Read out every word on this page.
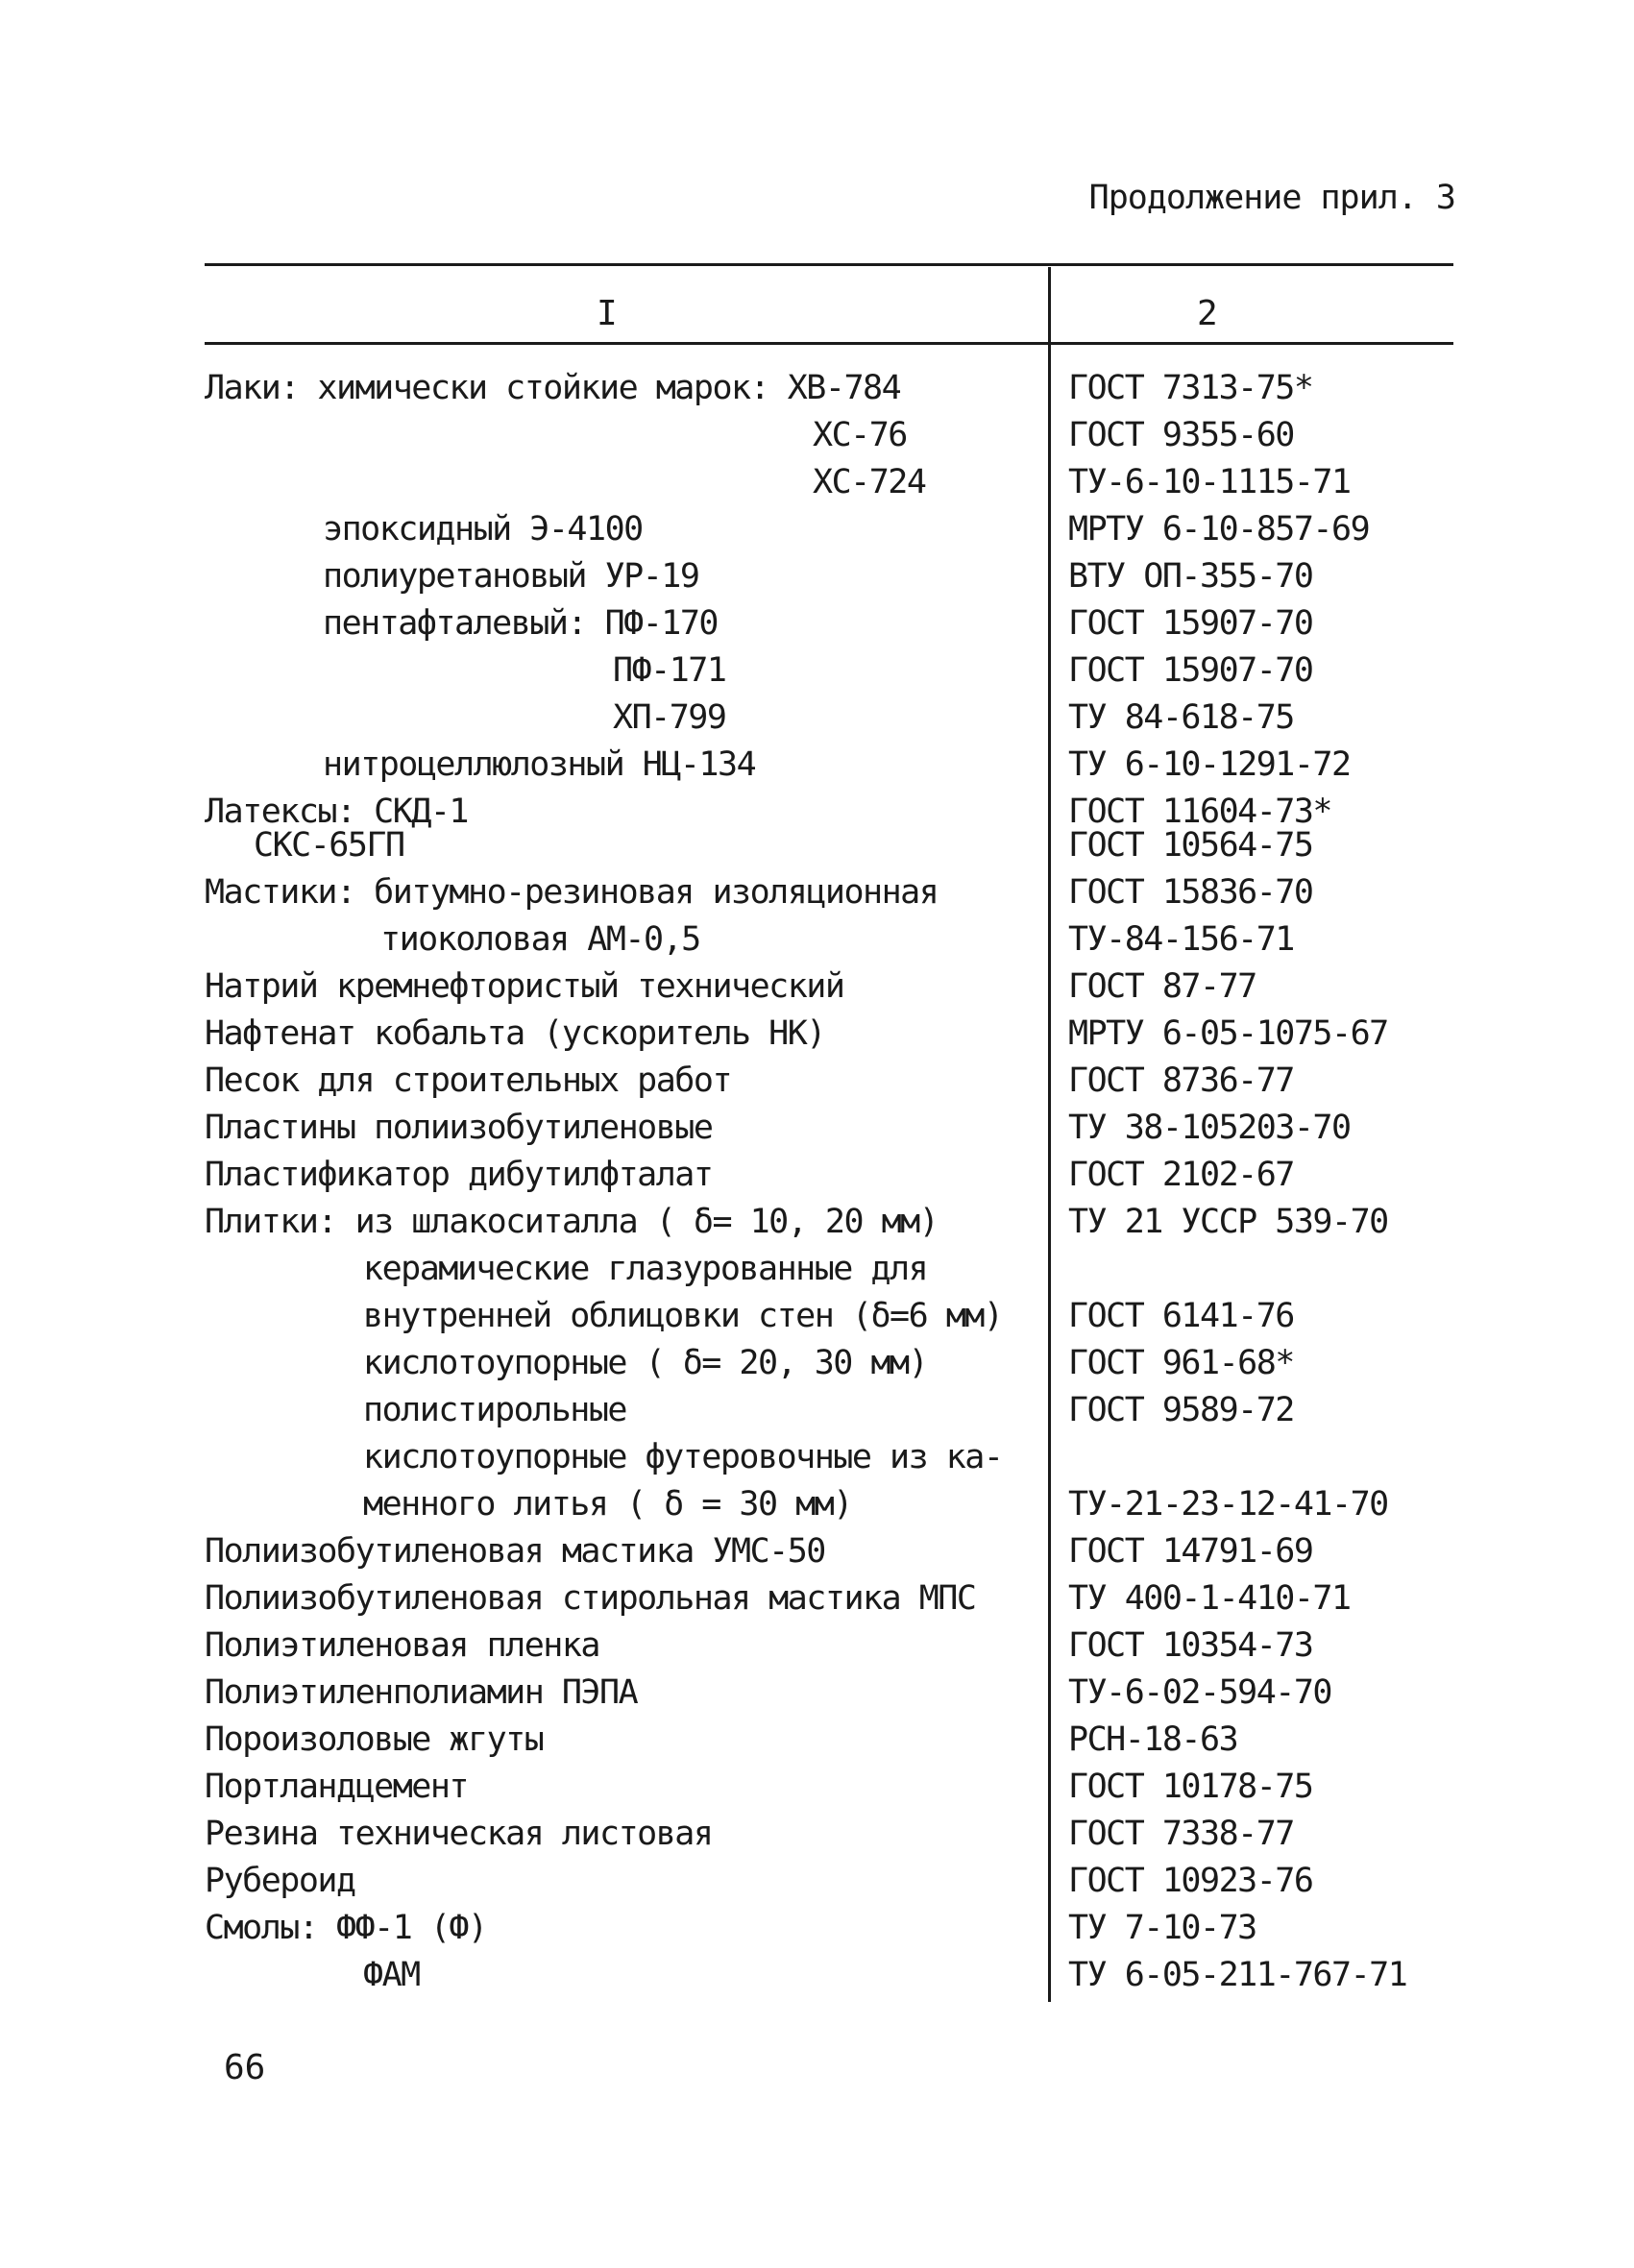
Продолжение прил. 3
I	2
Лаки: химически стойкие марок: ХВ-784	ГОСТ 7313-75*
ХС-76	ГОСТ 9355-60
ХС-724	ТУ-6-10-1115-71
эпоксидный Э-4100	МРТУ 6-10-857-69
полиуретановый УР-19	ВТУ ОП-355-70
пентафталевый: ПФ-170	ГОСТ 15907-70
ПФ-171	ГОСТ 15907-70
ХП-799	ТУ 84-618-75
нитроцеллюлозный НЦ-134	ТУ 6-10-1291-72
Латексы: СКД-1	ГОСТ 11604-73*
СКС-65ГП	ГОСТ 10564-75
Мастики: битумно-резиновая изоляционная	ГОСТ 15836-70
тиоколовая АМ-0,5	ТУ-84-156-71
Натрий кремнефтористый технический	ГОСТ 87-77
Нафтенат кобальта (ускоритель НК)	МРТУ 6-05-1075-67
Песок для строительных работ	ГОСТ 8736-77
Пластины полиизобутиленовые	ТУ 38-105203-70
Пластификатор дибутилфталат	ГОСТ 2102-67
Плитки: из шлакоситалла ( δ= 10, 20 мм)	ТУ 21 УССР 539-70
керамические глазурованные для
внутренней облицовки стен (δ=6 мм) ГОСТ 6141-76
кислотоупорные ( δ= 20, 30 мм)	ГОСТ 961-68*
полистирольные	ГОСТ 9589-72
кислотоупорные футеровочные из ка-
менного литья ( δ = 30 мм)	ТУ-21-23-12-41-70
Полиизобутиленовая мастика УМС-50	ГОСТ 14791-69
Полиизобутиленовая стирольная мастика МПС	ТУ 400-1-410-71
Полиэтиленовая пленка	ГОСТ 10354-73
Полиэтиленполиамин ПЭПА	ТУ-6-02-594-70
Пороизоловые жгуты	РСН-18-63
Портландцемент	ГОСТ 10178-75
Резина техническая листовая	ГОСТ 7338-77
Рубероид	ГОСТ 10923-76
Смолы: ФФ-1 (Ф)	ТУ 7-10-73
ФАМ	ТУ 6-05-211-767-71
66
